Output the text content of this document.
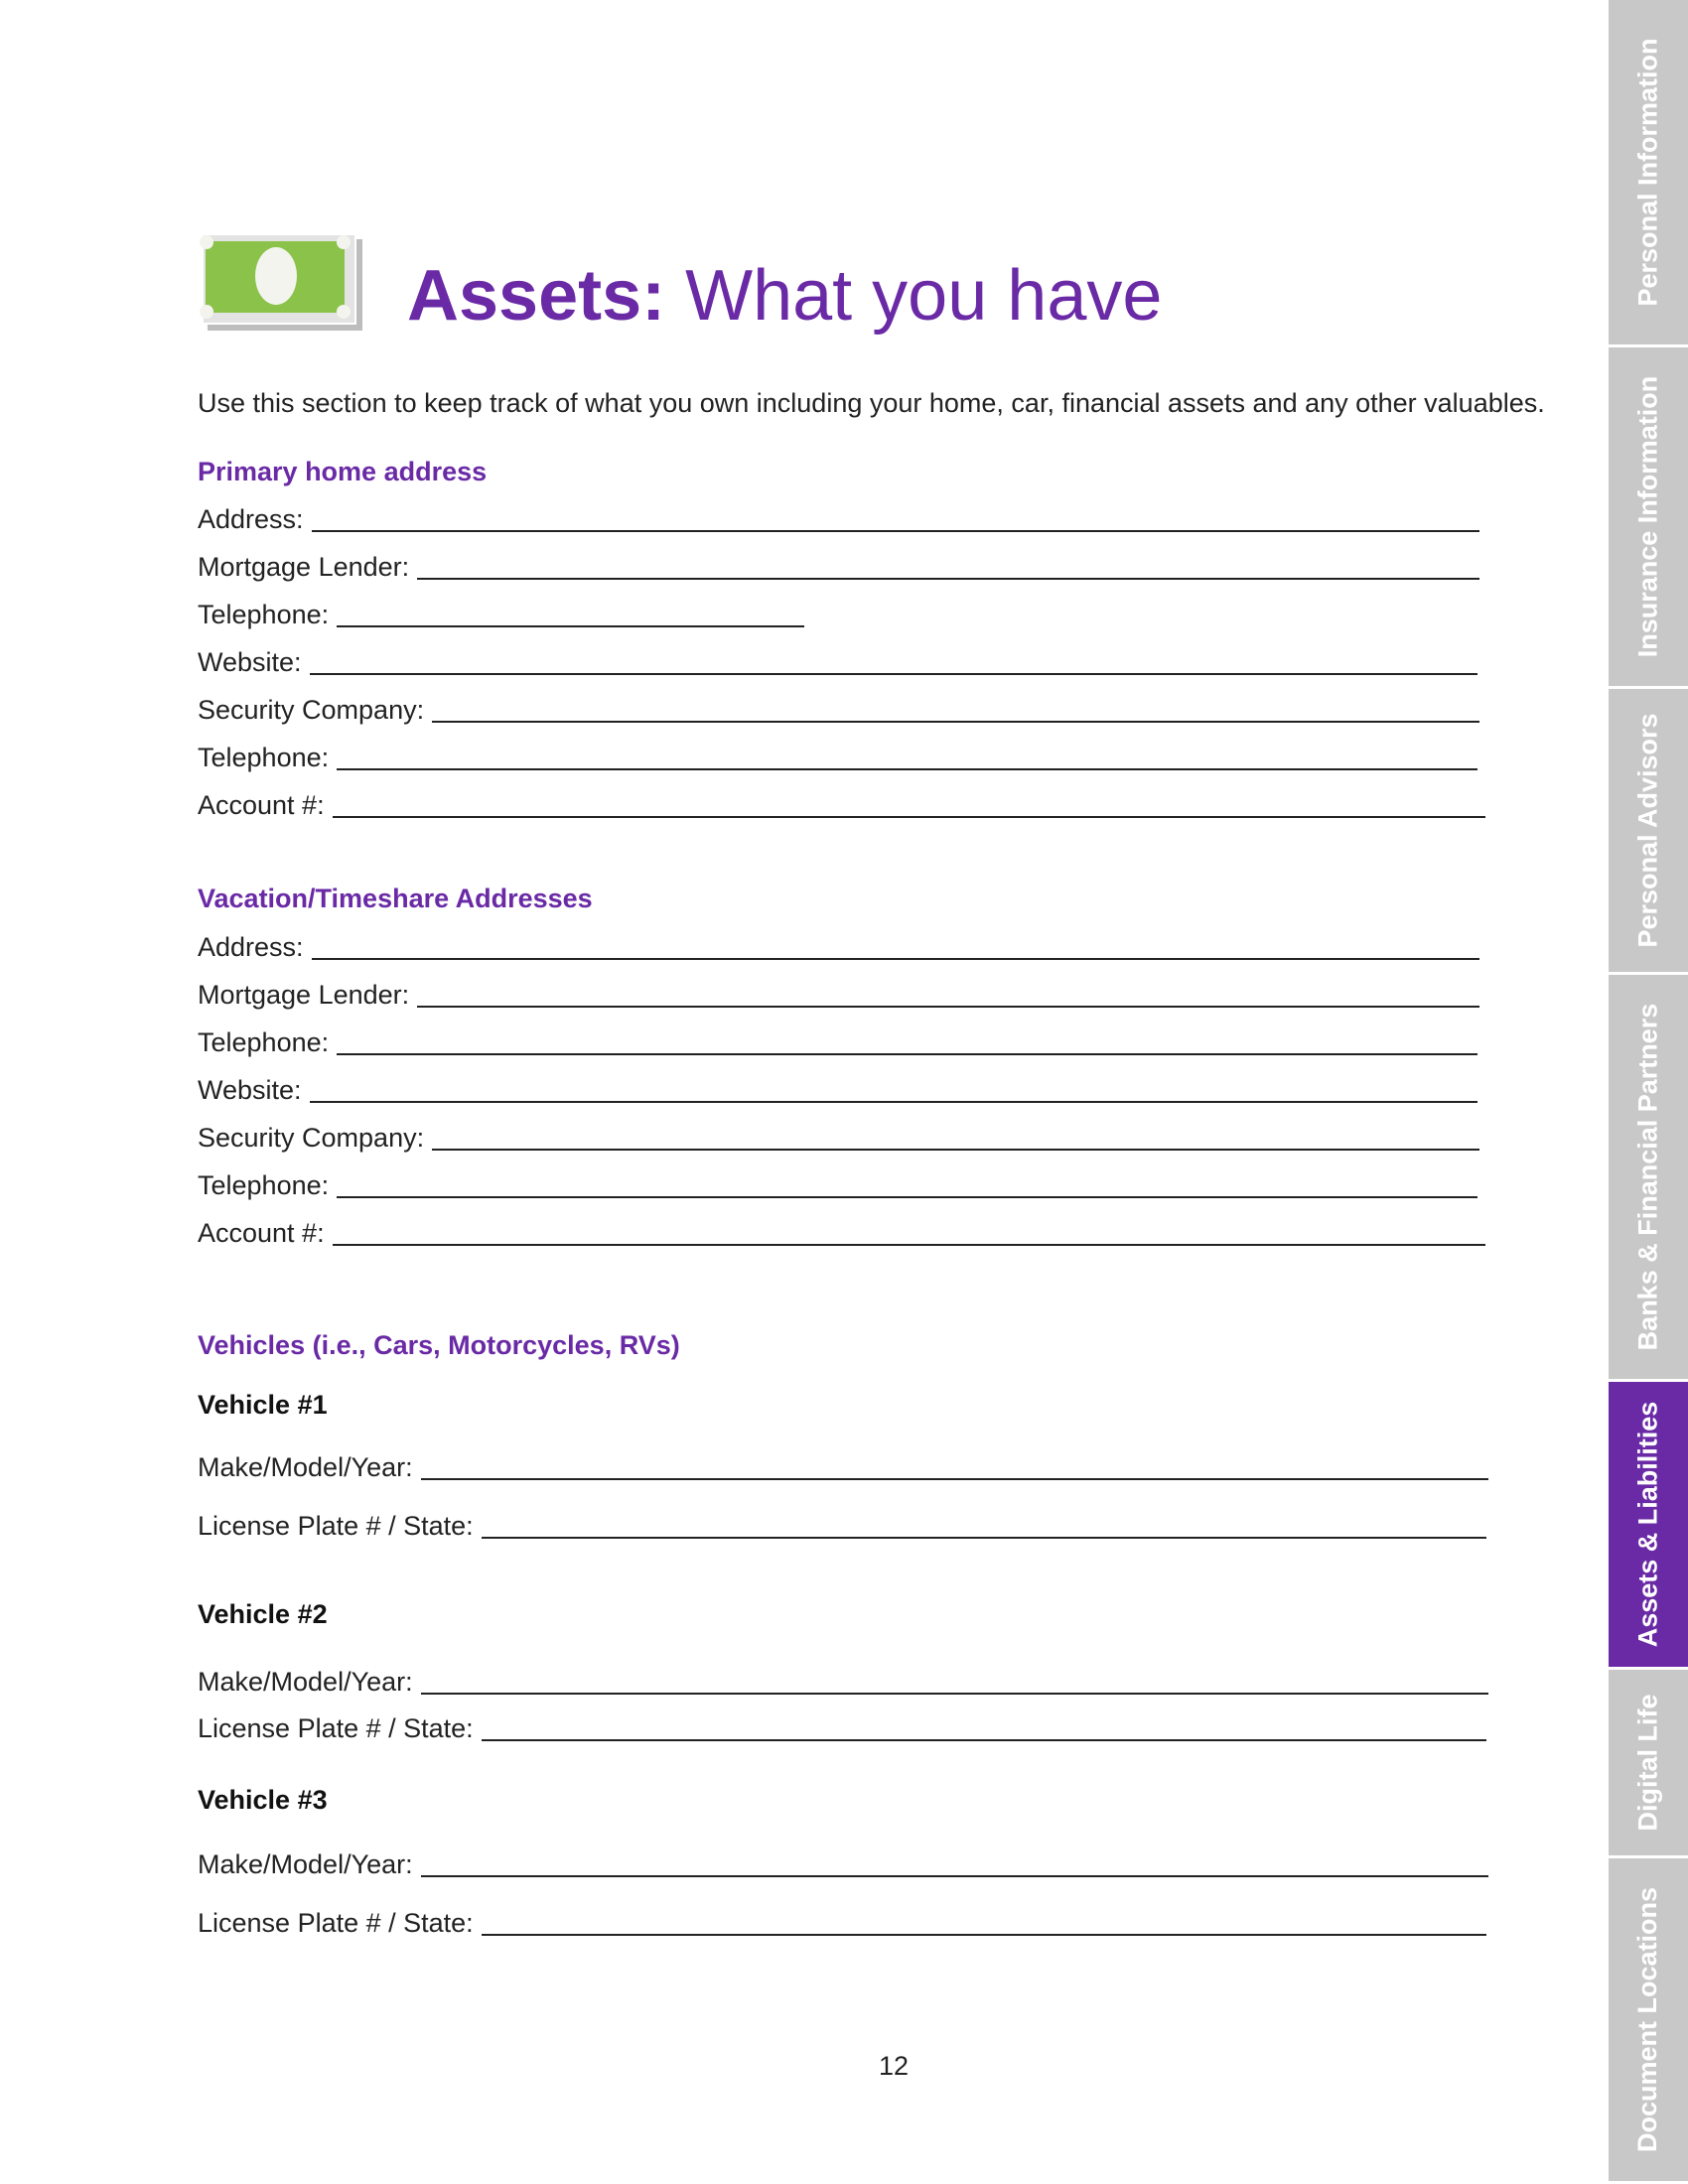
Assets: What you have
Use this section to keep track of what you own including your home, car, financial assets and any other valuables.
Primary home address
Address:
Mortgage Lender:
Telephone:
Website:
Security Company:
Telephone:
Account #:
Vacation/Timeshare Addresses
Address:
Mortgage Lender:
Telephone:
Website:
Security Company:
Telephone:
Account #:
Vehicles (i.e., Cars, Motorcycles, RVs)
Vehicle #1
Make/Model/Year:
License Plate # / State:
Vehicle #2
Make/Model/Year:
License Plate # / State:
Vehicle #3
Make/Model/Year:
License Plate # / State:
12
Personal Information
Insurance Information
Personal Advisors
Banks & Financial Partners
Assets & Liabilities
Digital Life
Document Locations
